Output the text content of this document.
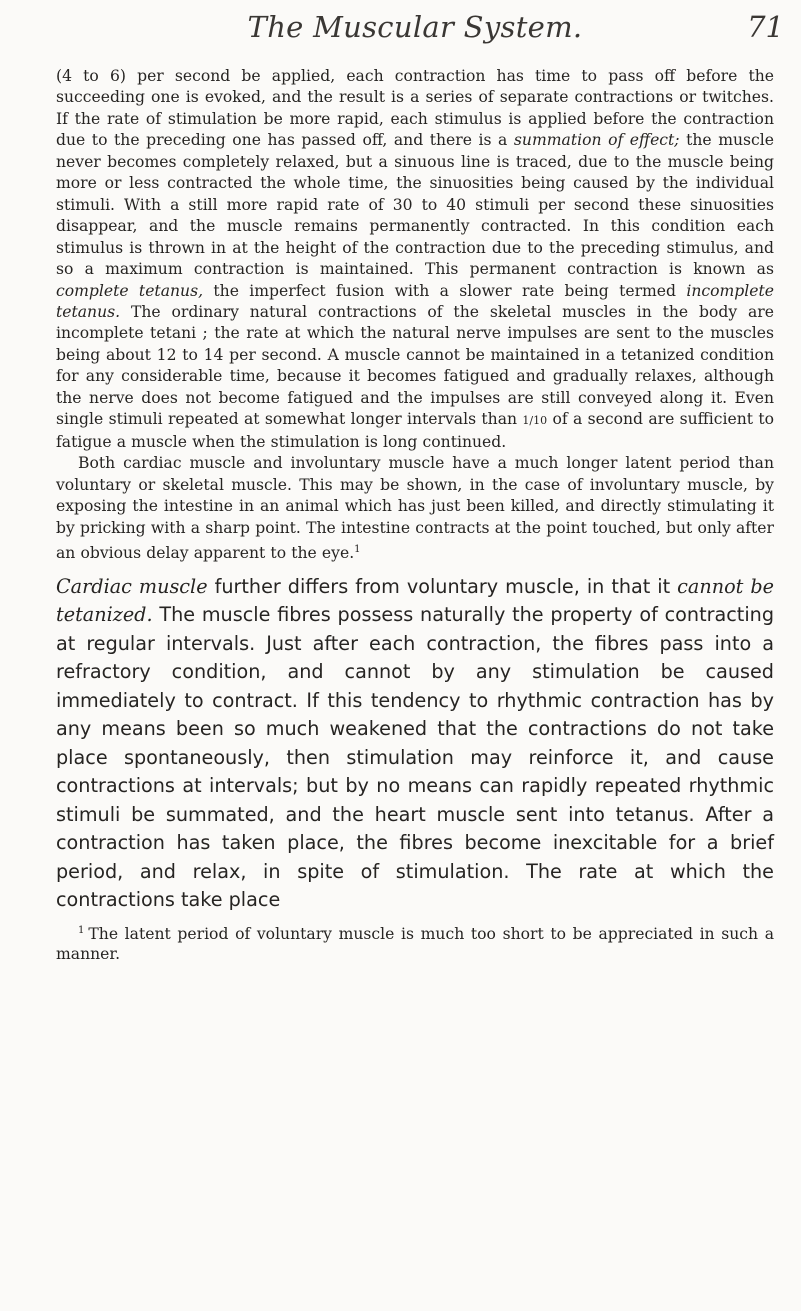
The Muscular System.	71

(4 to 6) per second be applied, each contraction has time to pass off before the succeeding one is evoked, and the result is a series of separate contractions or twitches. If the rate of stimulation be more rapid, each stimulus is applied before the contraction due to the preceding one has passed off, and there is a summation of effect; the muscle never becomes completely relaxed, but a sinuous line is traced, due to the muscle being more or less contracted the whole time, the sinuosities being caused by the individual stimuli. With a still more rapid rate of 30 to 40 stimuli per second these sinuosities disappear, and the muscle remains permanently contracted. In this condition each stimulus is thrown in at the height of the contraction due to the preceding stimulus, and so a maximum contraction is maintained. This permanent contraction is known as complete tetanus, the imperfect fusion with a slower rate being termed incomplete tetanus. The ordinary natural contractions of the skeletal muscles in the body are incomplete tetani ; the rate at which the natural nerve impulses are sent to the muscles being about 12 to 14 per second. A muscle cannot be maintained in a tetanized condition for any considerable time, because it becomes fatigued and gradually relaxes, although the nerve does not become fatigued and the impulses are still conveyed along it. Even single stimuli repeated at somewhat longer intervals than 1/10 of a second are sufficient to fatigue a muscle when the stimulation is long continued.

Both cardiac muscle and involuntary muscle have a much longer latent period than voluntary or skeletal muscle. This may be shown, in the case of involuntary muscle, by exposing the intestine in an animal which has just been killed, and directly stimulating it by pricking with a sharp point. The intestine contracts at the point touched, but only after an obvious delay apparent to the eye.$^1$

Cardiac muscle further differs from voluntary muscle, in that it cannot be tetanized. The muscle fibres possess naturally the property of contracting at regular intervals. Just after each contraction, the fibres pass into a refractory condition, and cannot by any stimulation be caused immediately to contract. If this tendency to rhythmic contraction has by any means been so much weakened that the contractions do not take place spontaneously, then stimulation may reinforce it, and cause contractions at intervals; but by no means can rapidly repeated rhythmic stimuli be summated, and the heart muscle sent into tetanus. After a contraction has taken place, the fibres become inexcitable for a brief period, and relax, in spite of stimulation. The rate at which the contractions take place

$^1$ The latent period of voluntary muscle is much too short to be appreciated in such a manner.
